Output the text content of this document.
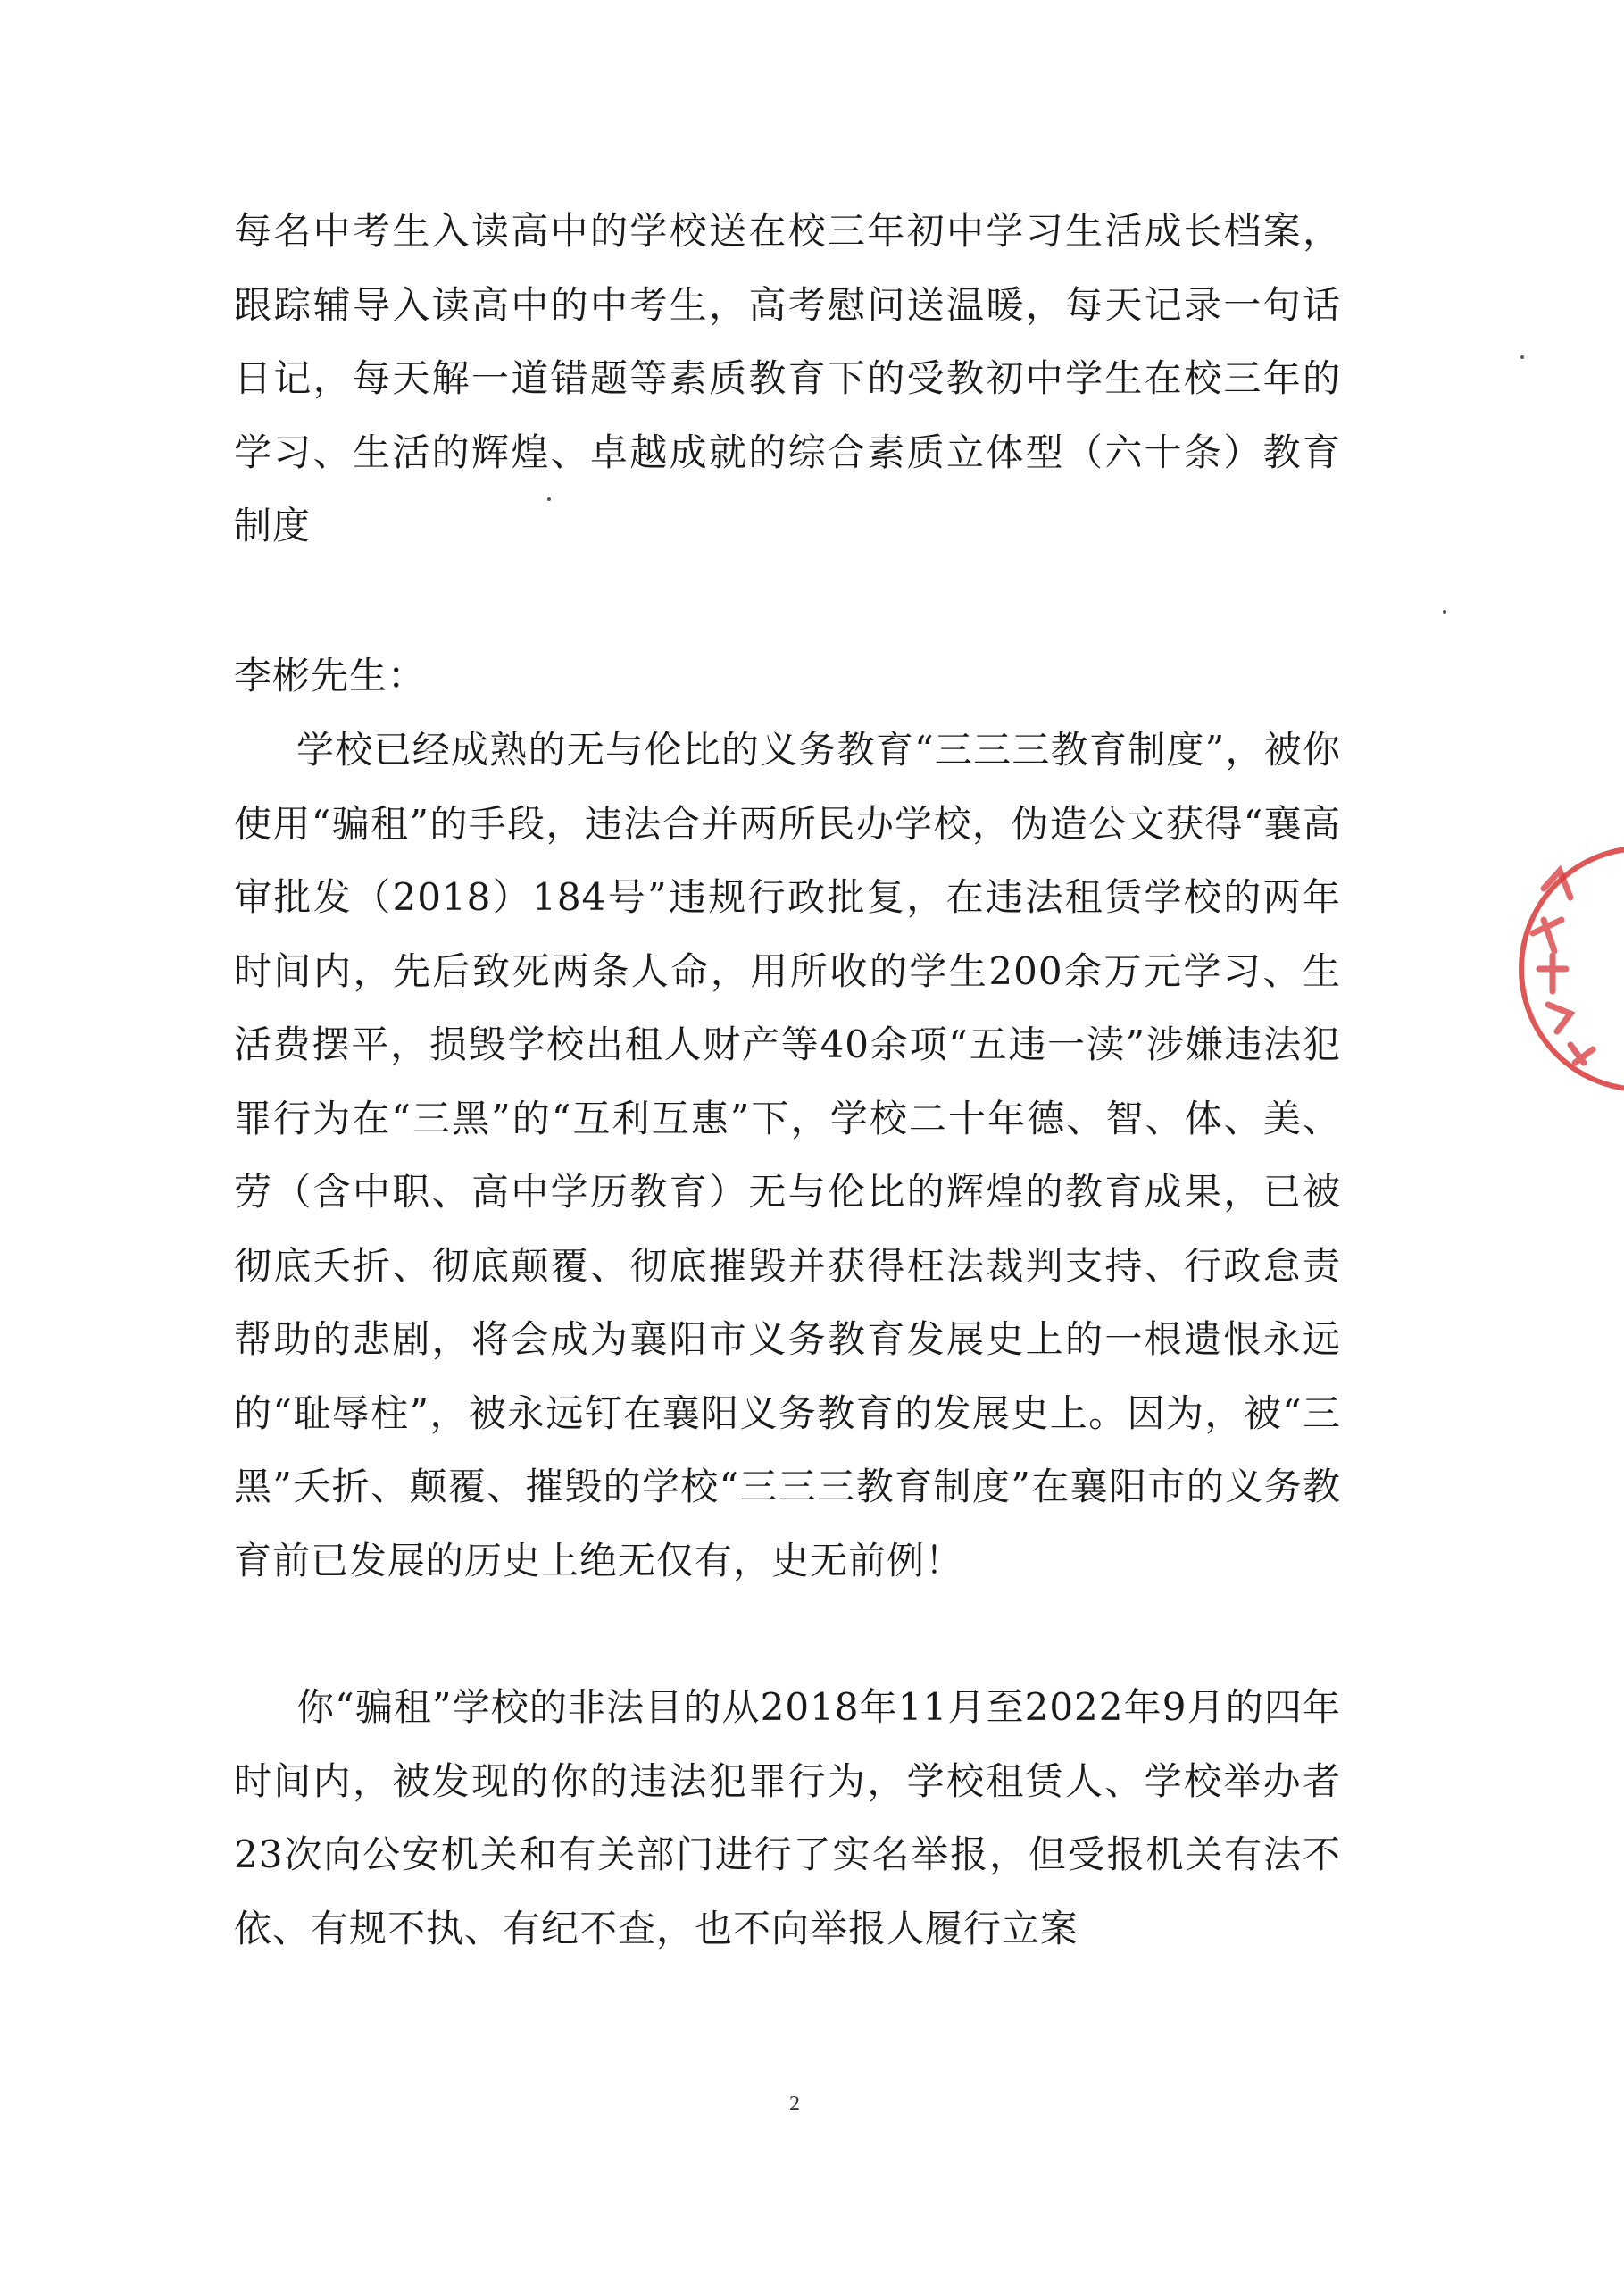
每名中考生入读高中的学校送在校三年初中学习生活成长档案，跟踪辅导入读高中的中考生，高考慰问送温暖，每天记录一句话日记，每天解一道错题等素质教育下的受教初中学生在校三年的学习、生活的辉煌、卓越成就的综合素质立体型（六十条）教育制度

李彬先生：

学校已经成熟的无与伦比的义务教育“三三三教育制度”，被你使用“骗租”的手段，违法合并两所民办学校，伪造公文获得“襄高审批发（2018）184号”违规行政批复，在违法租赁学校的两年时间内，先后致死两条人命，用所收的学生200余万元学习、生活费摆平，损毁学校出租人财产等40余项“五违一渎”涉嫌违法犯罪行为在“三黑”的“互利互惠”下，学校二十年德、智、体、美、劳（含中职、高中学历教育）无与伦比的辉煌的教育成果，已被彻底夭折、彻底颠覆、彻底摧毁并获得枉法裁判支持、行政怠责帮助的悲剧，将会成为襄阳市义务教育发展史上的一根遗恨永远的“耻辱柱”，被永远钉在襄阳义务教育的发展史上。因为，被“三黑”夭折、颠覆、摧毁的学校“三三三教育制度”在襄阳市的义务教育前已发展的历史上绝无仅有，史无前例！

你“骗租”学校的非法目的从2018年11月至2022年9月的四年时间内，被发现的你的违法犯罪行为，学校租赁人、学校举办者23次向公安机关和有关部门进行了实名举报，但受报机关有法不依、有规不执、有纪不查，也不向举报人履行立案

2
